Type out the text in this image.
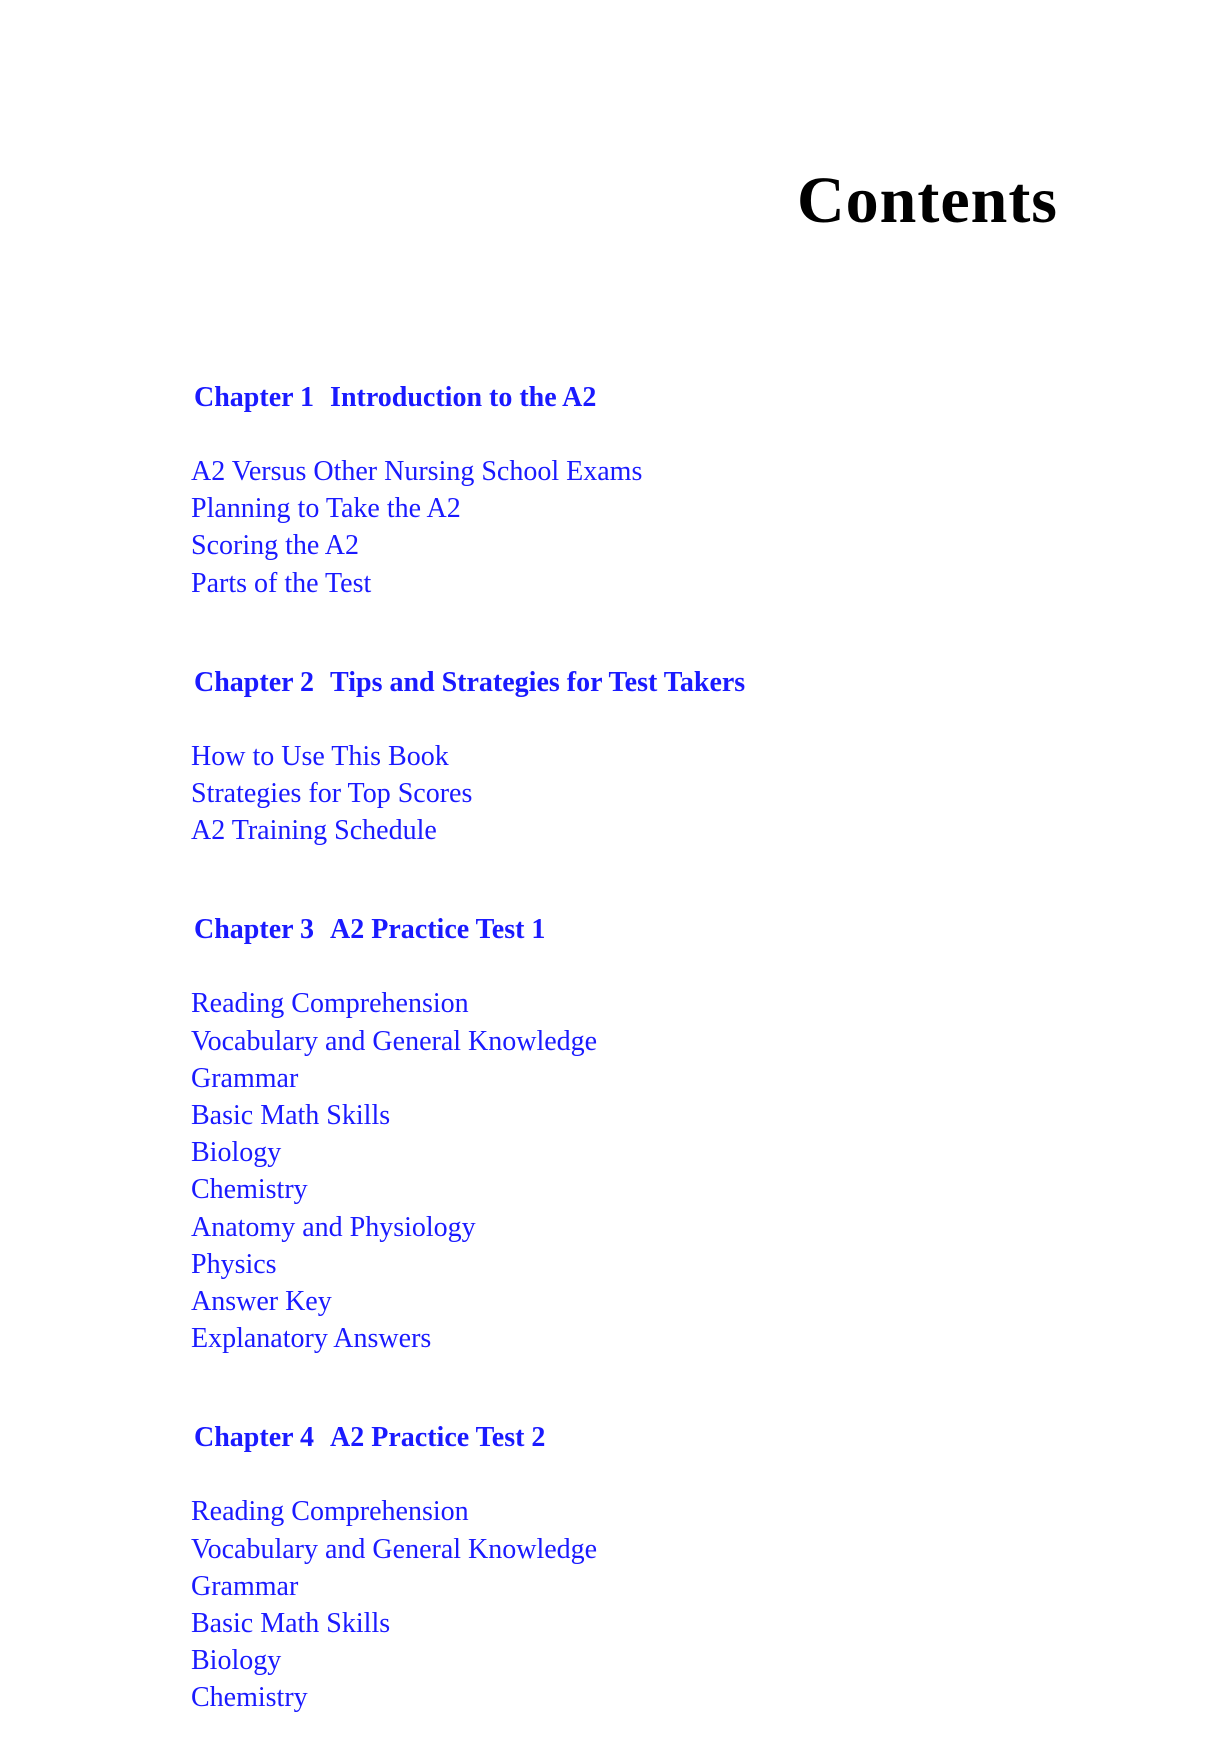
Contents

Chapter 1 Introduction to the A2

A2 Versus Other Nursing School Exams
Planning to Take the A2
Scoring the A2
Parts of the Test

Chapter 2 Tips and Strategies for Test Takers

How to Use This Book
Strategies for Top Scores
A2 Training Schedule

Chapter 3 A2 Practice Test 1

Reading Comprehension
Vocabulary and General Knowledge
Grammar
Basic Math Skills
Biology
Chemistry
Anatomy and Physiology
Physics
Answer Key
Explanatory Answers

Chapter 4 A2 Practice Test 2

Reading Comprehension
Vocabulary and General Knowledge
Grammar
Basic Math Skills
Biology
Chemistry
